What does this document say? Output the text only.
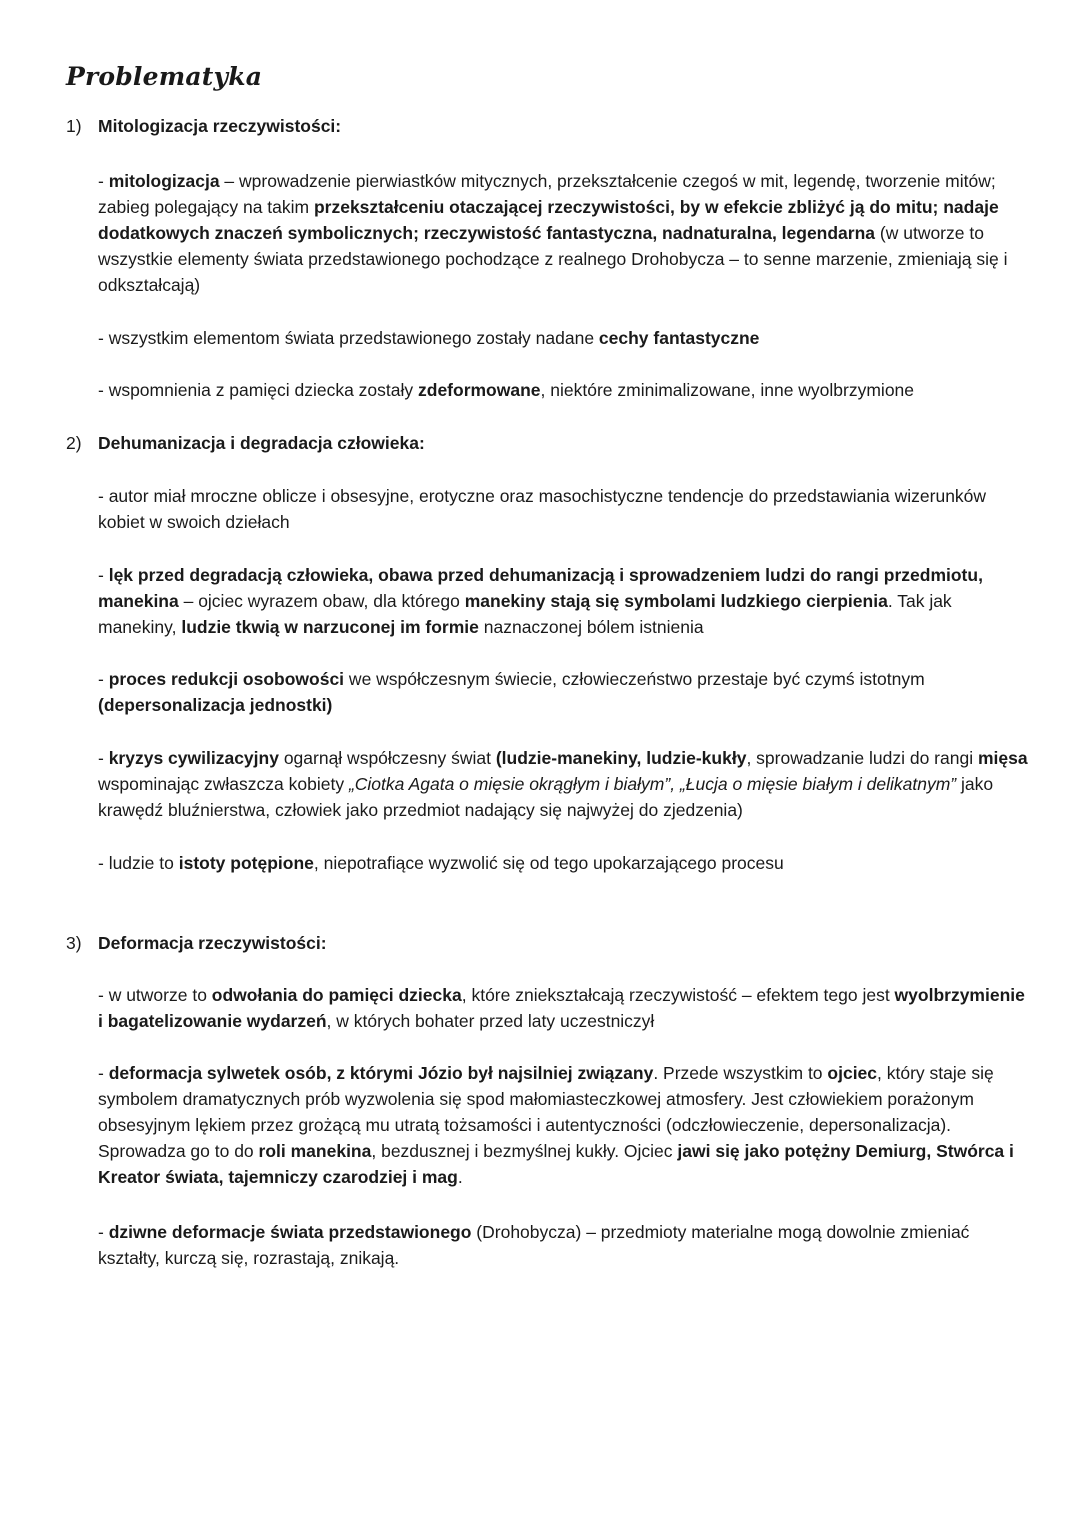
Problematyka
1) Mitologizacja rzeczywistości:
- mitologizacja – wprowadzenie pierwiastków mitycznych, przekształcenie czegoś w mit, legendę, tworzenie mitów; zabieg polegający na takim przekształceniu otaczającej rzeczywistości, by w efekcie zbliżyć ją do mitu; nadaje dodatkowych znaczeń symbolicznych; rzeczywistość fantastyczna, nadnaturalna, legendarna (w utworze to wszystkie elementy świata przedstawionego pochodzące z realnego Drohobycza – to senne marzenie, zmieniają się i odkształcają)
- wszystkim elementom świata przedstawionego zostały nadane cechy fantastyczne
- wspomnienia z pamięci dziecka zostały zdeformowane, niektóre zminimalizowane, inne wyolbrzymione
2) Dehumanizacja i degradacja człowieka:
- autor miał mroczne oblicze i obsesyjne, erotyczne oraz masochistyczne tendencje do przedstawiania wizerunków kobiet w swoich dziełach
- lęk przed degradacją człowieka, obawa przed dehumanizacją i sprowadzeniem ludzi do rangi przedmiotu, manekina – ojciec wyrazem obaw, dla którego manekiny stają się symbolami ludzkiego cierpienia. Tak jak manekiny, ludzie tkwią w narzuconej im formie naznaczonej bólem istnienia
- proces redukcji osobowości we współczesnym świecie, człowieczeństwo przestaje być czymś istotnym (depersonalizacja jednostki)
- kryzys cywilizacyjny ogarnął współczesny świat (ludzie-manekiny, ludzie-kukły, sprowadzanie ludzi do rangi mięsa wspominając zwłaszcza kobiety „Ciotka Agata o mięsie okrągłym i białym”, „Łucja o mięsie białym i delikatnym” jako krawędź bluźnierstwa, człowiek jako przedmiot nadający się najwyżej do zjedzenia)
- ludzie to istoty potępione, niepotrafiące wyzwolić się od tego upokarzającego procesu
3) Deformacja rzeczywistości:
- w utworze to odwołania do pamięci dziecka, które zniekształcają rzeczywistość – efektem tego jest wyolbrzymienie i bagatelizowanie wydarzeń, w których bohater przed laty uczestniczył
- deformacja sylwetek osób, z którymi Józio był najsilniej związany. Przede wszystkim to ojciec, który staje się symbolem dramatycznych prób wyzwolenia się spod małomiasteczkowej atmosfery. Jest człowiekiem porażonym obsesyjnym lękiem przez grożącą mu utratą tożsamości i autentyczności (odczłowieczenie, depersonalizacja). Sprowadza go to do roli manekina, bezdusznej i bezmyślnej kukły. Ojciec jawi się jako potężny Demiurg, Stwórca i Kreator świata, tajemniczy czarodziej i mag.
- dziwne deformacje świata przedstawionego (Drohobycza) – przedmioty materialne mogą dowolnie zmieniać kształty, kurczą się, rozrastają, znikają.
